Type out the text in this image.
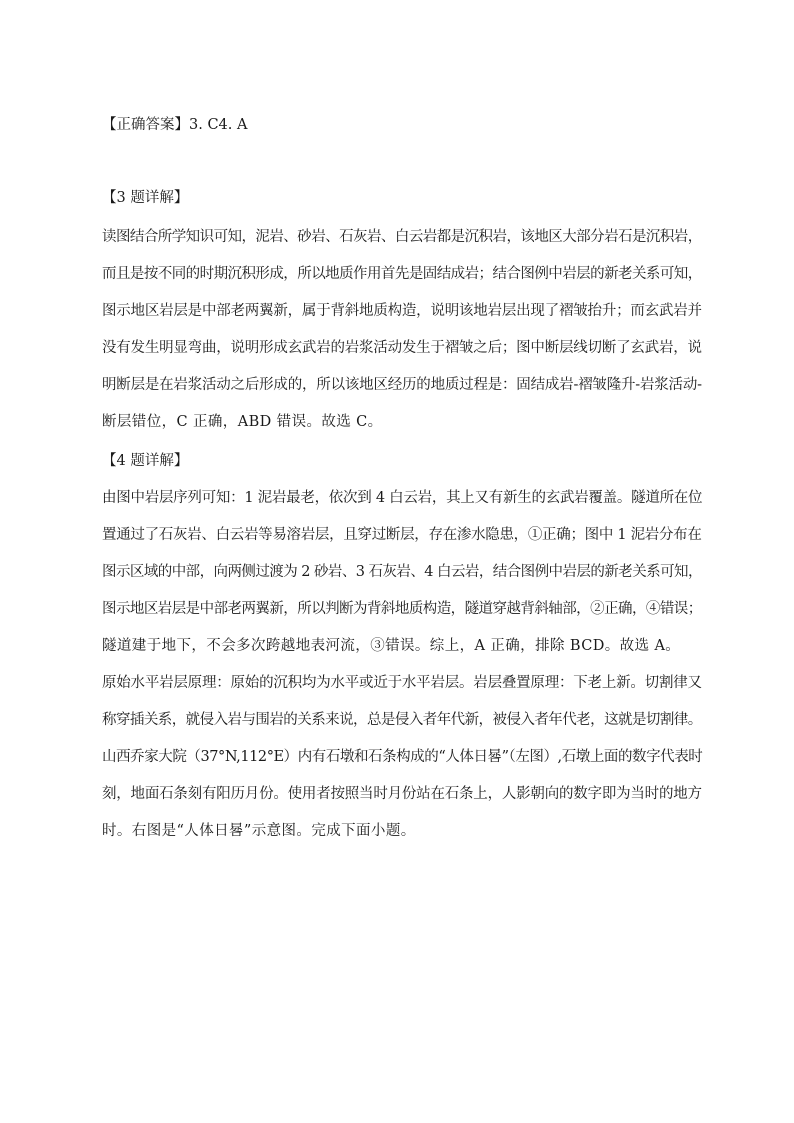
【正确答案】3. C4. A
【3 题详解】
读图结合所学知识可知，泥岩、砂岩、石灰岩、白云岩都是沉积岩，该地区大部分岩石是沉积岩，
而且是按不同的时期沉积形成，所以地质作用首先是固结成岩；结合图例中岩层的新老关系可知，
图示地区岩层是中部老两翼新，属于背斜地质构造，说明该地岩层出现了褶皱抬升；而玄武岩并
没有发生明显弯曲，说明形成玄武岩的岩浆活动发生于褶皱之后；图中断层线切断了玄武岩，说
明断层是在岩浆活动之后形成的，所以该地区经历的地质过程是：固结成岩-褶皱隆升-岩浆活动-
断层错位，C 正确，ABD 错误。故选 C。
【4 题详解】
由图中岩层序列可知：1 泥岩最老，依次到 4 白云岩，其上又有新生的玄武岩覆盖。隧道所在位
置通过了石灰岩、白云岩等易溶岩层，且穿过断层，存在渗水隐患，①正确；图中 1 泥岩分布在
图示区域的中部，向两侧过渡为 2 砂岩、3 石灰岩、4 白云岩，结合图例中岩层的新老关系可知，
图示地区岩层是中部老两翼新，所以判断为背斜地质构造，隧道穿越背斜轴部，②正确，④错误；
隧道建于地下，不会多次跨越地表河流，③错误。综上，A 正确，排除 BCD。故选 A。
原始水平岩层原理：原始的沉积均为水平或近于水平岩层。岩层叠置原理：下老上新。切割律又
称穿插关系，就侵入岩与围岩的关系来说，总是侵入者年代新，被侵入者年代老，这就是切割律。
山西乔家大院（37°N,112°E）内有石墩和石条构成的“人体日晷”（左图）,石墩上面的数字代表时
刻，地面石条刻有阳历月份。使用者按照当时月份站在石条上，人影朝向的数字即为当时的地方
时。右图是“人体日晷”示意图。完成下面小题。
